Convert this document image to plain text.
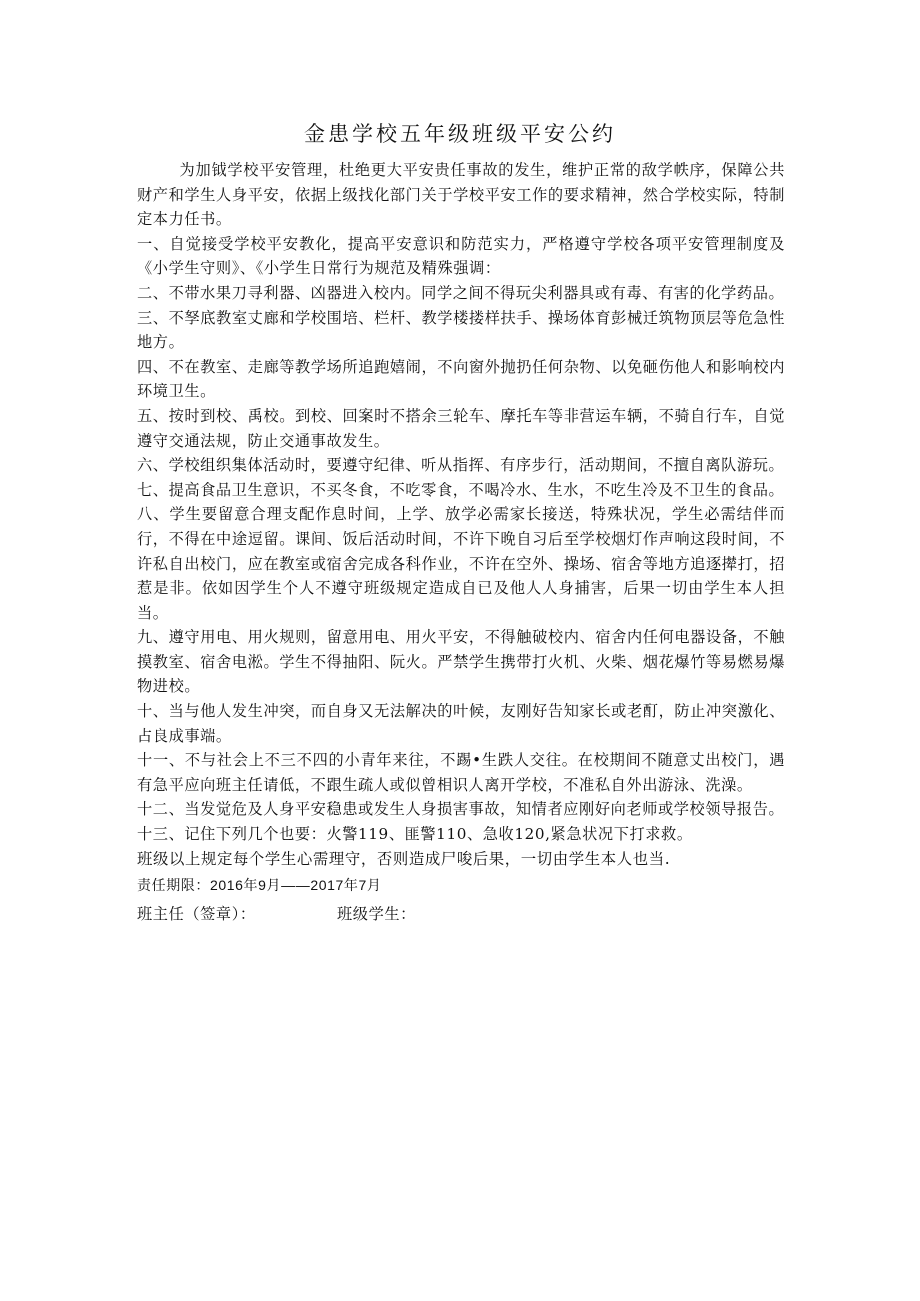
金患学校五年级班级平安公约

为加钺学校平安管理，杜绝更大平安贵任事故的发生，维护正常的敌学帙序，保障公共财产和学生人身平安，依据上级找化部门关于学校平安工作的要求精神，然合学校实际，特制定本力任书。

一、自觉接受学校平安教化，提高平安意识和防范实力，严格遵守学校各项平安管理制度及《小学生守则》、《小学生日常行为规范及精殊强调：

二、不带水果刀寻利器、凶器进入校内。同学之间不得玩尖利器具或有毒、有害的化学药品。

三、不孥底教室丈廊和学校围培、栏杆、教学楼搂样扶手、操场体育彭械迁筑物顶层等危急性地方。

四、不在教室、走廊等教学场所追跑嬉闹，不向窗外抛扔任何杂物、以免砸伤他人和影响校内环境卫生。

五、按时到校、禹校。到校、回案时不搭余三轮车、摩托车等非营运车辆，不骑自行车，自觉遵守交通法规，防止交通事故发生。

六、学校组织集体活动时，要遵守纪律、听从指挥、有序步行，活动期间，不擅自离队游玩。

七、提高食品卫生意识，不买冬食，不吃零食，不喝冷水、生水，不吃生冷及不卫生的食品。

八、学生要留意合理支配作息时间，上学、放学必需家长接送，特殊状况，学生必需结伴而行，不得在中途逗留。课间、饭后活动时间，不许下晚自习后至学校烟灯作声响这段时间，不许私自出校门，应在教室或宿舍完成各科作业，不许在空外、操场、宿舍等地方追逐撵打，招惹是非。依如因学生个人不遵守班级规定造成自已及他人人身捕害，后果一切由学生本人担当。

九、遵守用电、用火规则，留意用电、用火平安，不得触破校内、宿舍内任何电器设备，不触摸教室、宿舍电淞。学生不得抽阳、阮火。严禁学生携带打火机、火柴、烟花爆竹等易燃易爆物进校。

十、当与他人发生冲突，而自身又无法解决的叶候，友刚好告知家长或老酊，防止冲突激化、占良成事端。

十一、不与社会上不三不四的小青年来往，不踢•生跌人交往。在校期间不随意丈出校门，遇有急平应向班主任请低，不跟生疏人或似曾相识人离开学校，不准私自外出游泳、洗澡。

十二、当发觉危及人身平安稳患或发生人身损害事故，知情者应刚好向老师或学校领导报告。

十三、记住下列几个也要：火警119、匪警110、急收120,紧急状况下打求救。

班级以上规定每个学生心需理守，否则造成尸唆后果，一切由学生本人也当.

责任期限：2016年9月——2017年7月

班主任（签章）：	班级学生：
